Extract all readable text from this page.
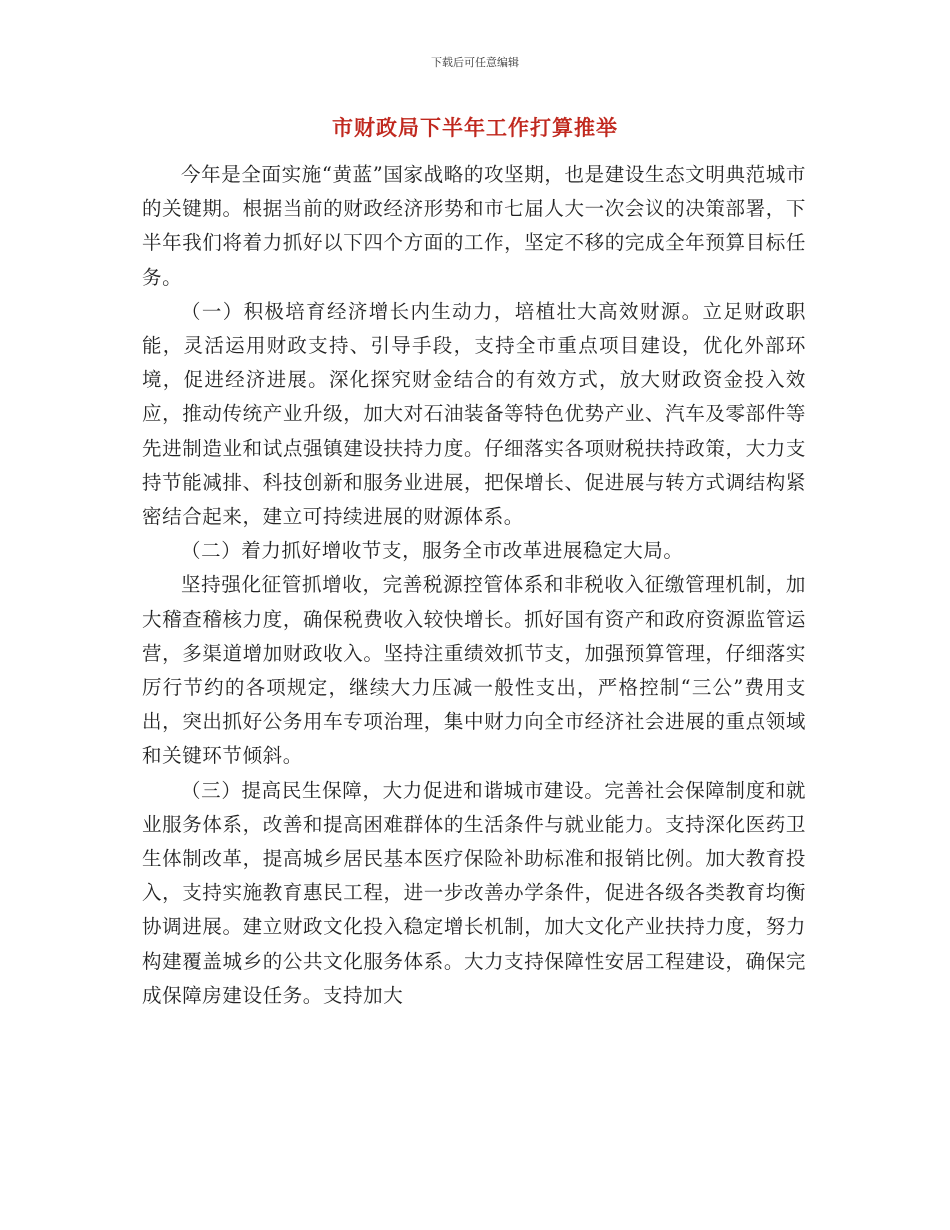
下载后可任意编辑
市财政局下半年工作打算推举

今年是全面实施“黄蓝”国家战略的攻坚期，也是建设生态文明典范城市的关键期。根据当前的财政经济形势和市七届人大一次会议的决策部署，下半年我们将着力抓好以下四个方面的工作，坚定不移的完成全年预算目标任务。

（一）积极培育经济增长内生动力，培植壮大高效财源。立足财政职能，灵活运用财政支持、引导手段，支持全市重点项目建设，优化外部环境，促进经济进展。深化探究财金结合的有效方式，放大财政资金投入效应，推动传统产业升级，加大对石油装备等特色优势产业、汽车及零部件等先进制造业和试点强镇建设扶持力度。仔细落实各项财税扶持政策，大力支持节能减排、科技创新和服务业进展，把保增长、促进展与转方式调结构紧密结合起来，建立可持续进展的财源体系。

（二）着力抓好增收节支，服务全市改革进展稳定大局。

坚持强化征管抓增收，完善税源控管体系和非税收入征缴管理机制，加大稽查稽核力度，确保税费收入较快增长。抓好国有资产和政府资源监管运营，多渠道增加财政收入。坚持注重绩效抓节支，加强预算管理，仔细落实厉行节约的各项规定，继续大力压减一般性支出，严格控制“三公”费用支出，突出抓好公务用车专项治理，集中财力向全市经济社会进展的重点领域和关键环节倾斜。

（三）提高民生保障，大力促进和谐城市建设。完善社会保障制度和就业服务体系，改善和提高困难群体的生活条件与就业能力。支持深化医药卫生体制改革，提高城乡居民基本医疗保险补助标准和报销比例。加大教育投入，支持实施教育惠民工程，进一步改善办学条件，促进各级各类教育均衡协调进展。建立财政文化投入稳定增长机制，加大文化产业扶持力度，努力构建覆盖城乡的公共文化服务体系。大力支持保障性安居工程建设，确保完成保障房建设任务。支持加大
